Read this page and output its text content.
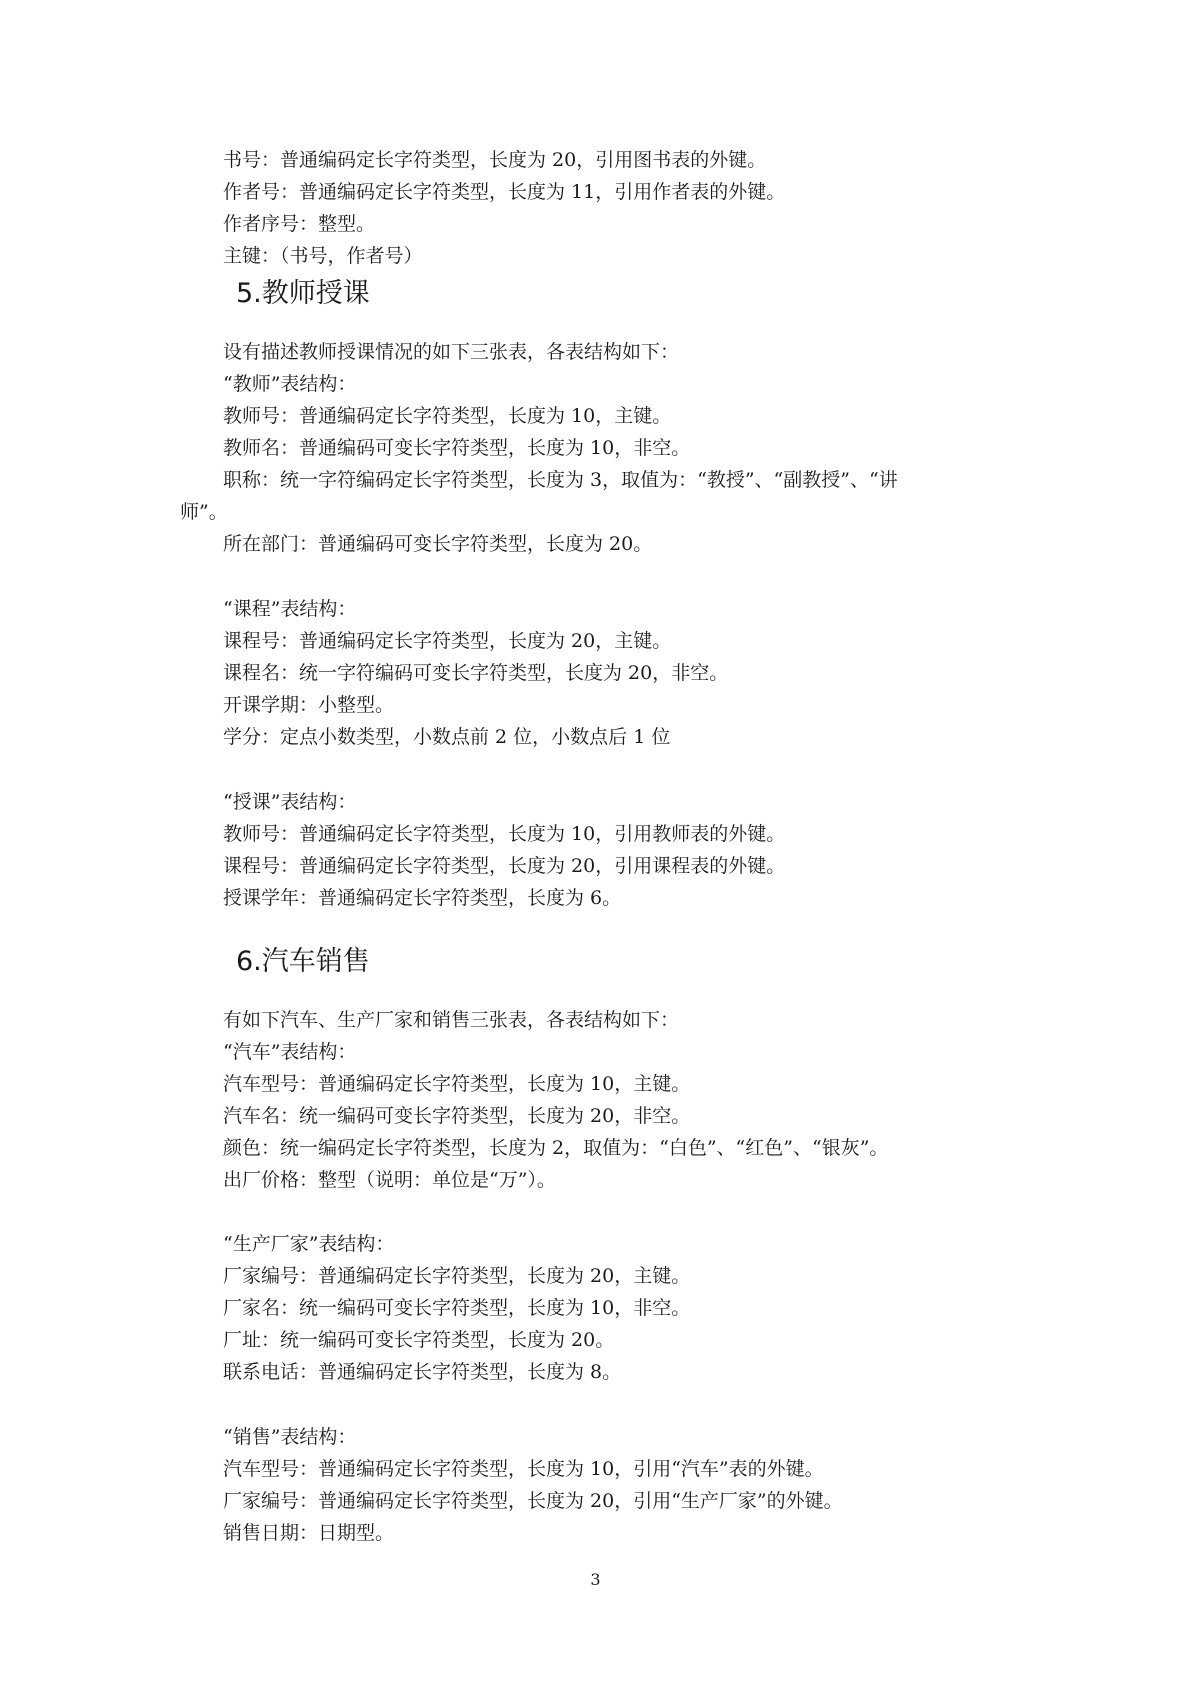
书号：普通编码定长字符类型，长度为 20，引用图书表的外键。
作者号：普通编码定长字符类型，长度为 11，引用作者表的外键。
作者序号：整型。
主键：（书号，作者号）
5.教师授课
设有描述教师授课情况的如下三张表，各表结构如下：
“教师”表结构：
教师号：普通编码定长字符类型，长度为 10，主键。
教师名：普通编码可变长字符类型，长度为 10，非空。
职称：统一字符编码定长字符类型，长度为 3，取值为：“教授”、“副教授”、“讲
师”。
所在部门：普通编码可变长字符类型，长度为 20。
“课程”表结构：
课程号：普通编码定长字符类型，长度为 20，主键。
课程名：统一字符编码可变长字符类型，长度为 20，非空。
开课学期：小整型。
学分：定点小数类型，小数点前 2 位，小数点后 1 位
“授课”表结构：
教师号：普通编码定长字符类型，长度为 10，引用教师表的外键。
课程号：普通编码定长字符类型，长度为 20，引用课程表的外键。
授课学年：普通编码定长字符类型，长度为 6。
6.汽车销售
有如下汽车、生产厂家和销售三张表，各表结构如下：
“汽车”表结构：
汽车型号：普通编码定长字符类型，长度为 10，主键。
汽车名：统一编码可变长字符类型，长度为 20，非空。
颜色：统一编码定长字符类型，长度为 2，取值为：“白色”、“红色”、“银灰”。
出厂价格：整型（说明：单位是“万”）。
“生产厂家”表结构：
厂家编号：普通编码定长字符类型，长度为 20，主键。
厂家名：统一编码可变长字符类型，长度为 10，非空。
厂址：统一编码可变长字符类型，长度为 20。
联系电话：普通编码定长字符类型，长度为 8。
“销售”表结构：
汽车型号：普通编码定长字符类型，长度为 10，引用“汽车”表的外键。
厂家编号：普通编码定长字符类型，长度为 20，引用“生产厂家”的外键。
销售日期：日期型。
3
